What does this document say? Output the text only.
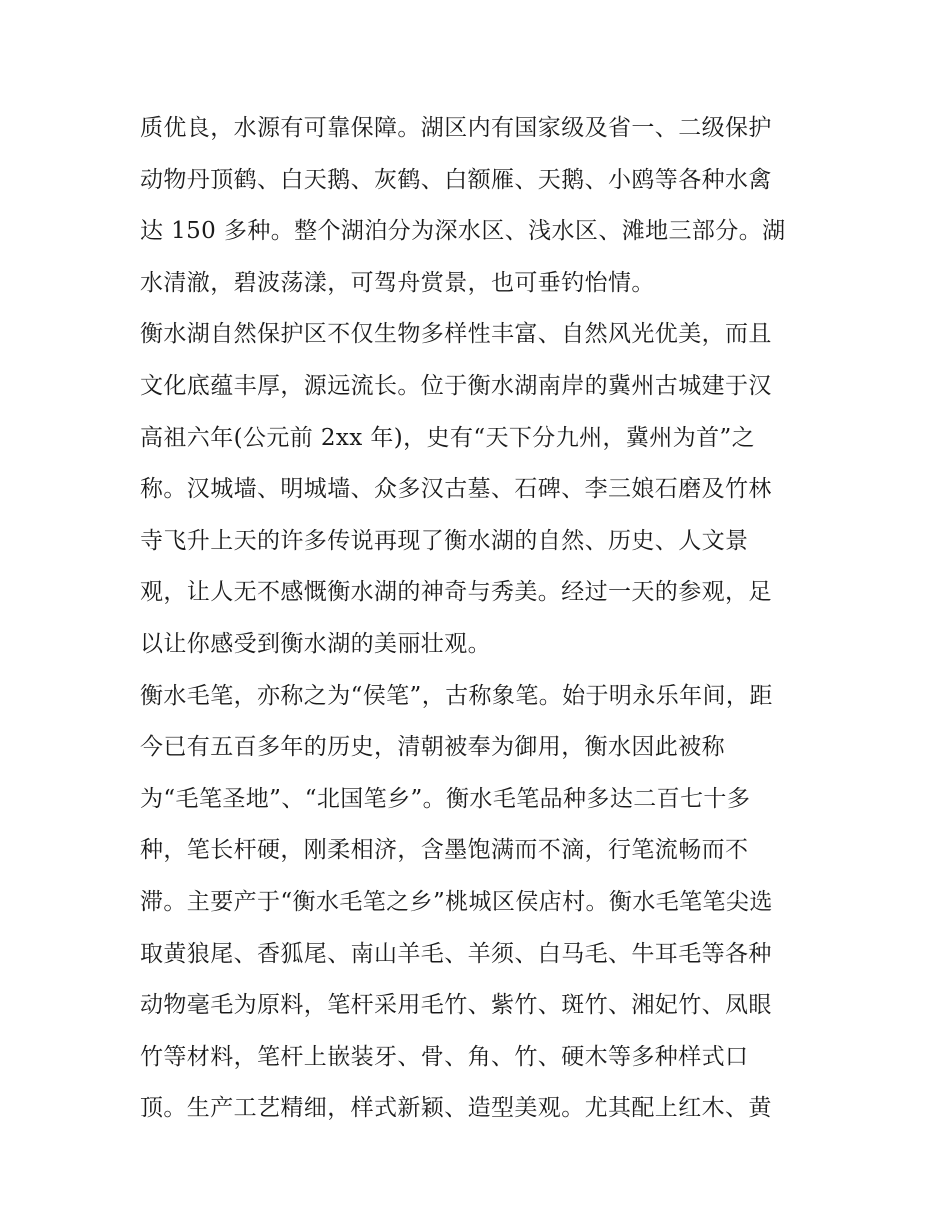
质优良，水源有可靠保障。湖区内有国家级及省一、二级保护
动物丹顶鹤、白天鹅、灰鹤、白额雁、天鹅、小鸥等各种水禽
达 150 多种。整个湖泊分为深水区、浅水区、滩地三部分。湖
水清澈，碧波荡漾，可驾舟赏景，也可垂钓怡情。
衡水湖自然保护区不仅生物多样性丰富、自然风光优美，而且
文化底蕴丰厚，源远流长。位于衡水湖南岸的冀州古城建于汉
高祖六年(公元前 2xx 年)，史有“天下分九州，冀州为首”之
称。汉城墙、明城墙、众多汉古墓、石碑、李三娘石磨及竹林
寺飞升上天的许多传说再现了衡水湖的自然、历史、人文景
观，让人无不感慨衡水湖的神奇与秀美。经过一天的参观，足
以让你感受到衡水湖的美丽壮观。
衡水毛笔，亦称之为“侯笔”，古称象笔。始于明永乐年间，距
今已有五百多年的历史，清朝被奉为御用，衡水因此被称
为“毛笔圣地”、“北国笔乡”。衡水毛笔品种多达二百七十多
种，笔长杆硬，刚柔相济，含墨饱满而不滴，行笔流畅而不
滞。主要产于“衡水毛笔之乡”桃城区侯店村。衡水毛笔笔尖选
取黄狼尾、香狐尾、南山羊毛、羊须、白马毛、牛耳毛等各种
动物毫毛为原料，笔杆采用毛竹、紫竹、斑竹、湘妃竹、凤眼
竹等材料，笔杆上嵌装牙、骨、角、竹、硬木等多种样式口
顶。生产工艺精细，样式新颖、造型美观。尤其配上红木、黄
